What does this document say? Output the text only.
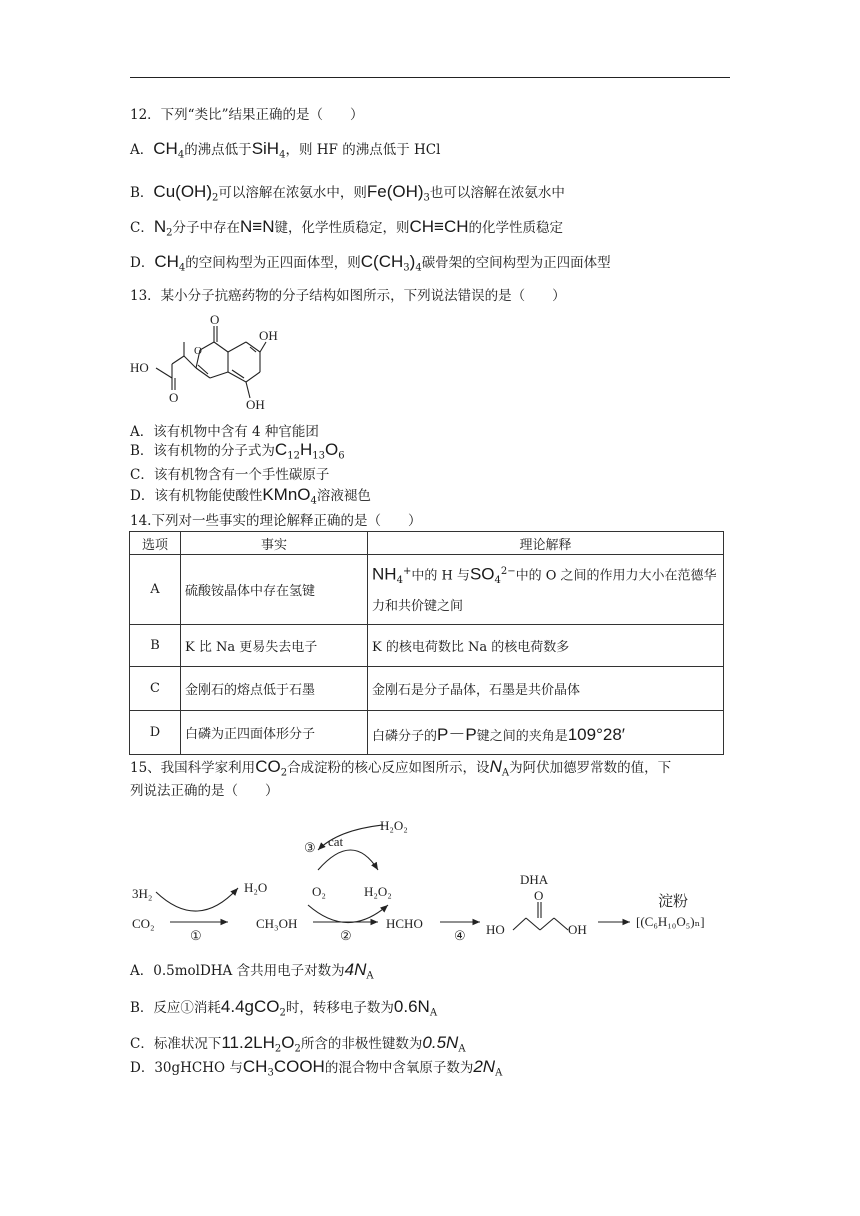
12．下列“类比”结果正确的是（　　）
A．$CH_4$的沸点低于SiH$_4$，则 HF 的沸点低于 HCl
B．$Cu(OH)_2$可以溶解在浓氨水中，则$Fe(OH)_3$也可以溶解在浓氨水中
C．$N_2$分子中存在N≡N键，化学性质稳定，则CH≡CH的化学性质稳定
D．$CH_4$的空间构型为正四面体型，则$C(CH_3)_4$碳骨架的空间构型为正四面体型
13．某小分子抗癌药物的分子结构如图所示，下列说法错误的是（　　）
O
OH
OH
HO
O
O
A．该有机物中含有 4 种官能团
B．该有机物的分子式为$C_{12}H_{13}O_6$
C．该有机物含有一个手性碳原子
D．该有机物能使酸性KMnO$_4$溶液褪色
14.下列对一些事实的理论解释正确的是（　　）
选项	事实	理论解释
A	硫酸铵晶体中存在氢键	$NH_4^+$中的 H 与$SO_4^{2-}$中的 O 之间的作用力大小在范德华
力和共价键之间
B	K 比 Na 更易失去电子	K 的核电荷数比 Na 的核电荷数多
C	金刚石的熔点低于石墨	金刚石是分子晶体，石墨是共价晶体
D	白磷为正四面体形分子	白磷分子的P－P键之间的夹角是109°28′
15、我国科学家利用$CO_2$合成淀粉的核心反应如图所示，设$N_A$为阿伏加德罗常数的值，下
列说法正确的是（　　）
H₂O₂
cat
③
3H₂
CO₂
①
H₂O	O₂	H₂O₂
CH₃OH
②
HCHO
④
DHA
O
HO	OH
淀粉
[(C₆H₁₀O₅)ₙ]
A．0.5molDHA 含共用电子对数为$4N_A$
B．反应①消耗4.4gCO$_2$时，转移电子数为$0.6N_A$
C．标准状况下$11.2LH_2O_2$所含的非极性键数为$0.5N_A$
D．30gHCHO 与$CH_3COOH$的混合物中含氧原子数为$2N_A$
